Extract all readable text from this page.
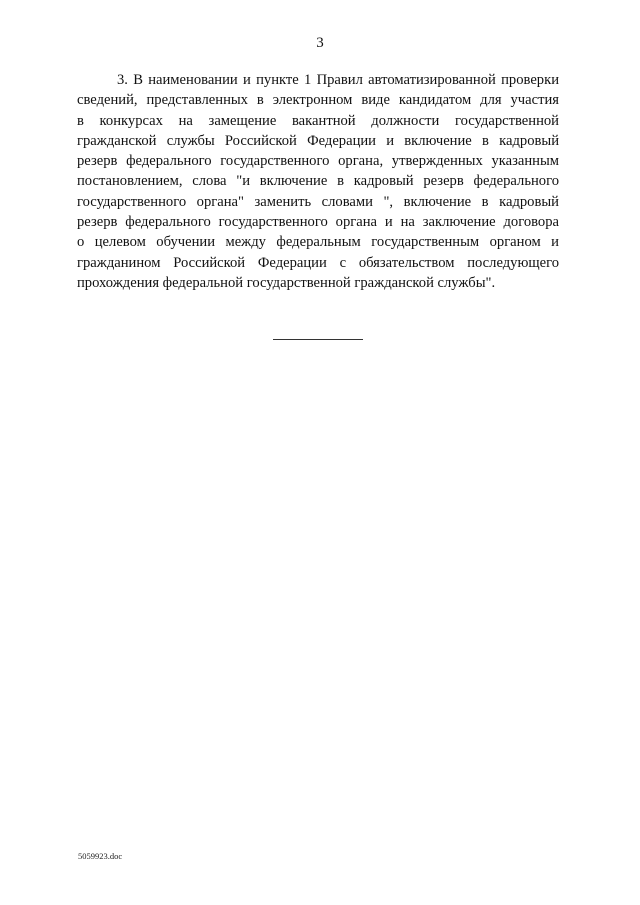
3
3. В наименовании и пункте 1 Правил автоматизированной проверки
сведений, представленных в электронном виде кандидатом для участия
в конкурсах на замещение вакантной должности государственной
гражданской службы Российской Федерации и включение в кадровый
резерв федерального государственного органа, утвержденных указанным
постановлением, слова "и включение в кадровый резерв федерального
государственного органа" заменить словами ", включение в кадровый
резерв федерального государственного органа и на заключение договора
о целевом обучении между федеральным государственным органом и
гражданином Российской Федерации с обязательством последующего
прохождения федеральной государственной гражданской службы".
5059923.doc
